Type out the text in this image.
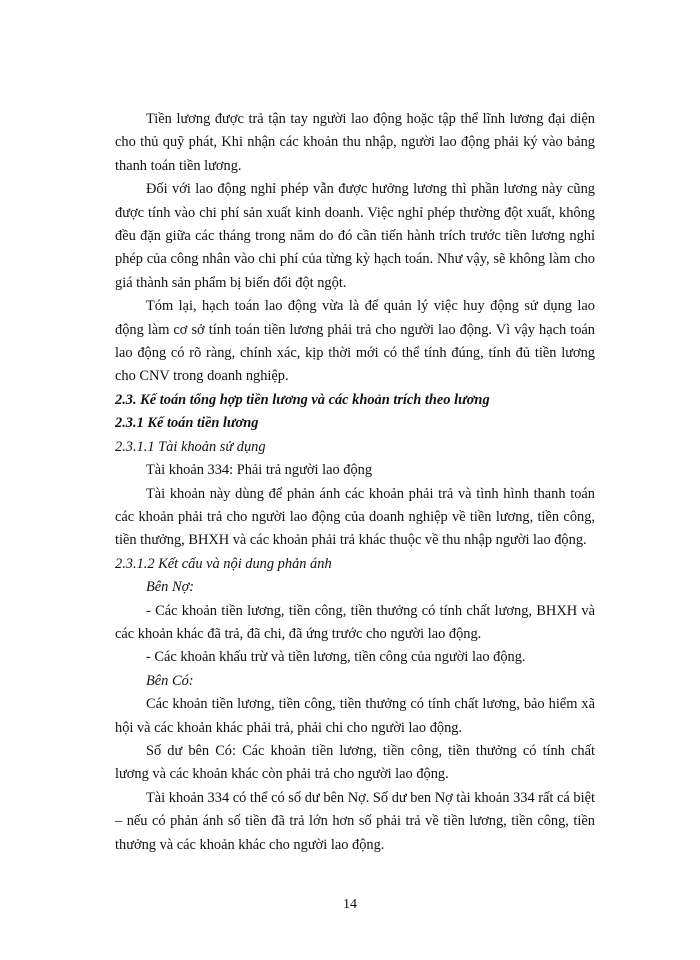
Tiền lương được trả tận tay người lao động hoặc tập thể lĩnh lương đại diện cho thủ quỹ phát, Khi nhận các khoản thu nhập, người lao động phải ký vào bảng thanh toán tiền lương.

Đối với lao động nghỉ phép vẫn được hưởng lương thì phần lương này cũng được tính vào chi phí sản xuất kinh doanh. Việc nghỉ phép thường đột xuất, không đều đặn giữa các tháng trong năm do đó cần tiến hành trích trước tiền lương nghỉ phép của công nhân vào chi phí của từng kỳ hạch toán. Như vậy, sẽ không làm cho giá thành sản phẩm bị biến đổi đột ngột.

Tóm lại, hạch toán lao động vừa là để quản lý việc huy động sử dụng lao động làm cơ sở tính toán tiền lương phải trả cho người lao động. Vì vậy hạch toán lao động có rõ ràng, chính xác, kịp thời mới có thể tính đúng, tính đủ tiền lương cho CNV trong doanh nghiệp.

2.3. Kế toán tổng hợp tiền lương và các khoản trích theo lương

2.3.1 Kế toán tiền lương

2.3.1.1 Tài khoản sử dụng

Tài khoản 334: Phải trả người lao động

Tài khoản này dùng để phản ánh các khoản phải trả và tình hình thanh toán các khoản phải trả cho người lao động của doanh nghiệp về tiền lương, tiền công, tiền thưởng, BHXH và các khoản phải trả khác thuộc về thu nhập người lao động.

2.3.1.2 Kết cấu và nội dung phản ánh

Bên Nợ:

- Các khoản tiền lương, tiền công, tiền thưởng có tính chất lương, BHXH và các khoản khác đã trả, đã chi, đã ứng trước cho người lao động.

- Các khoản khấu trừ và tiền lương, tiền công của người lao động.

Bên Có:

Các khoản tiền lương, tiền công, tiền thưởng có tính chất lương, bảo hiểm xã hội và các khoản khác phải trả, phải chi cho người lao động.

Số dư bên Có: Các khoản tiền lương, tiền công, tiền thưởng có tính chất lương và các khoản khác còn phải trả cho người lao động.

Tài khoản 334 có thể có số dư bên Nợ. Số dư ben Nợ tài khoản 334 rất cá biệt – nếu có phản ánh số tiền đã trả lớn hơn số phải trả về tiền lương, tiền công, tiền thưởng và các khoản khác cho người lao động.

14
